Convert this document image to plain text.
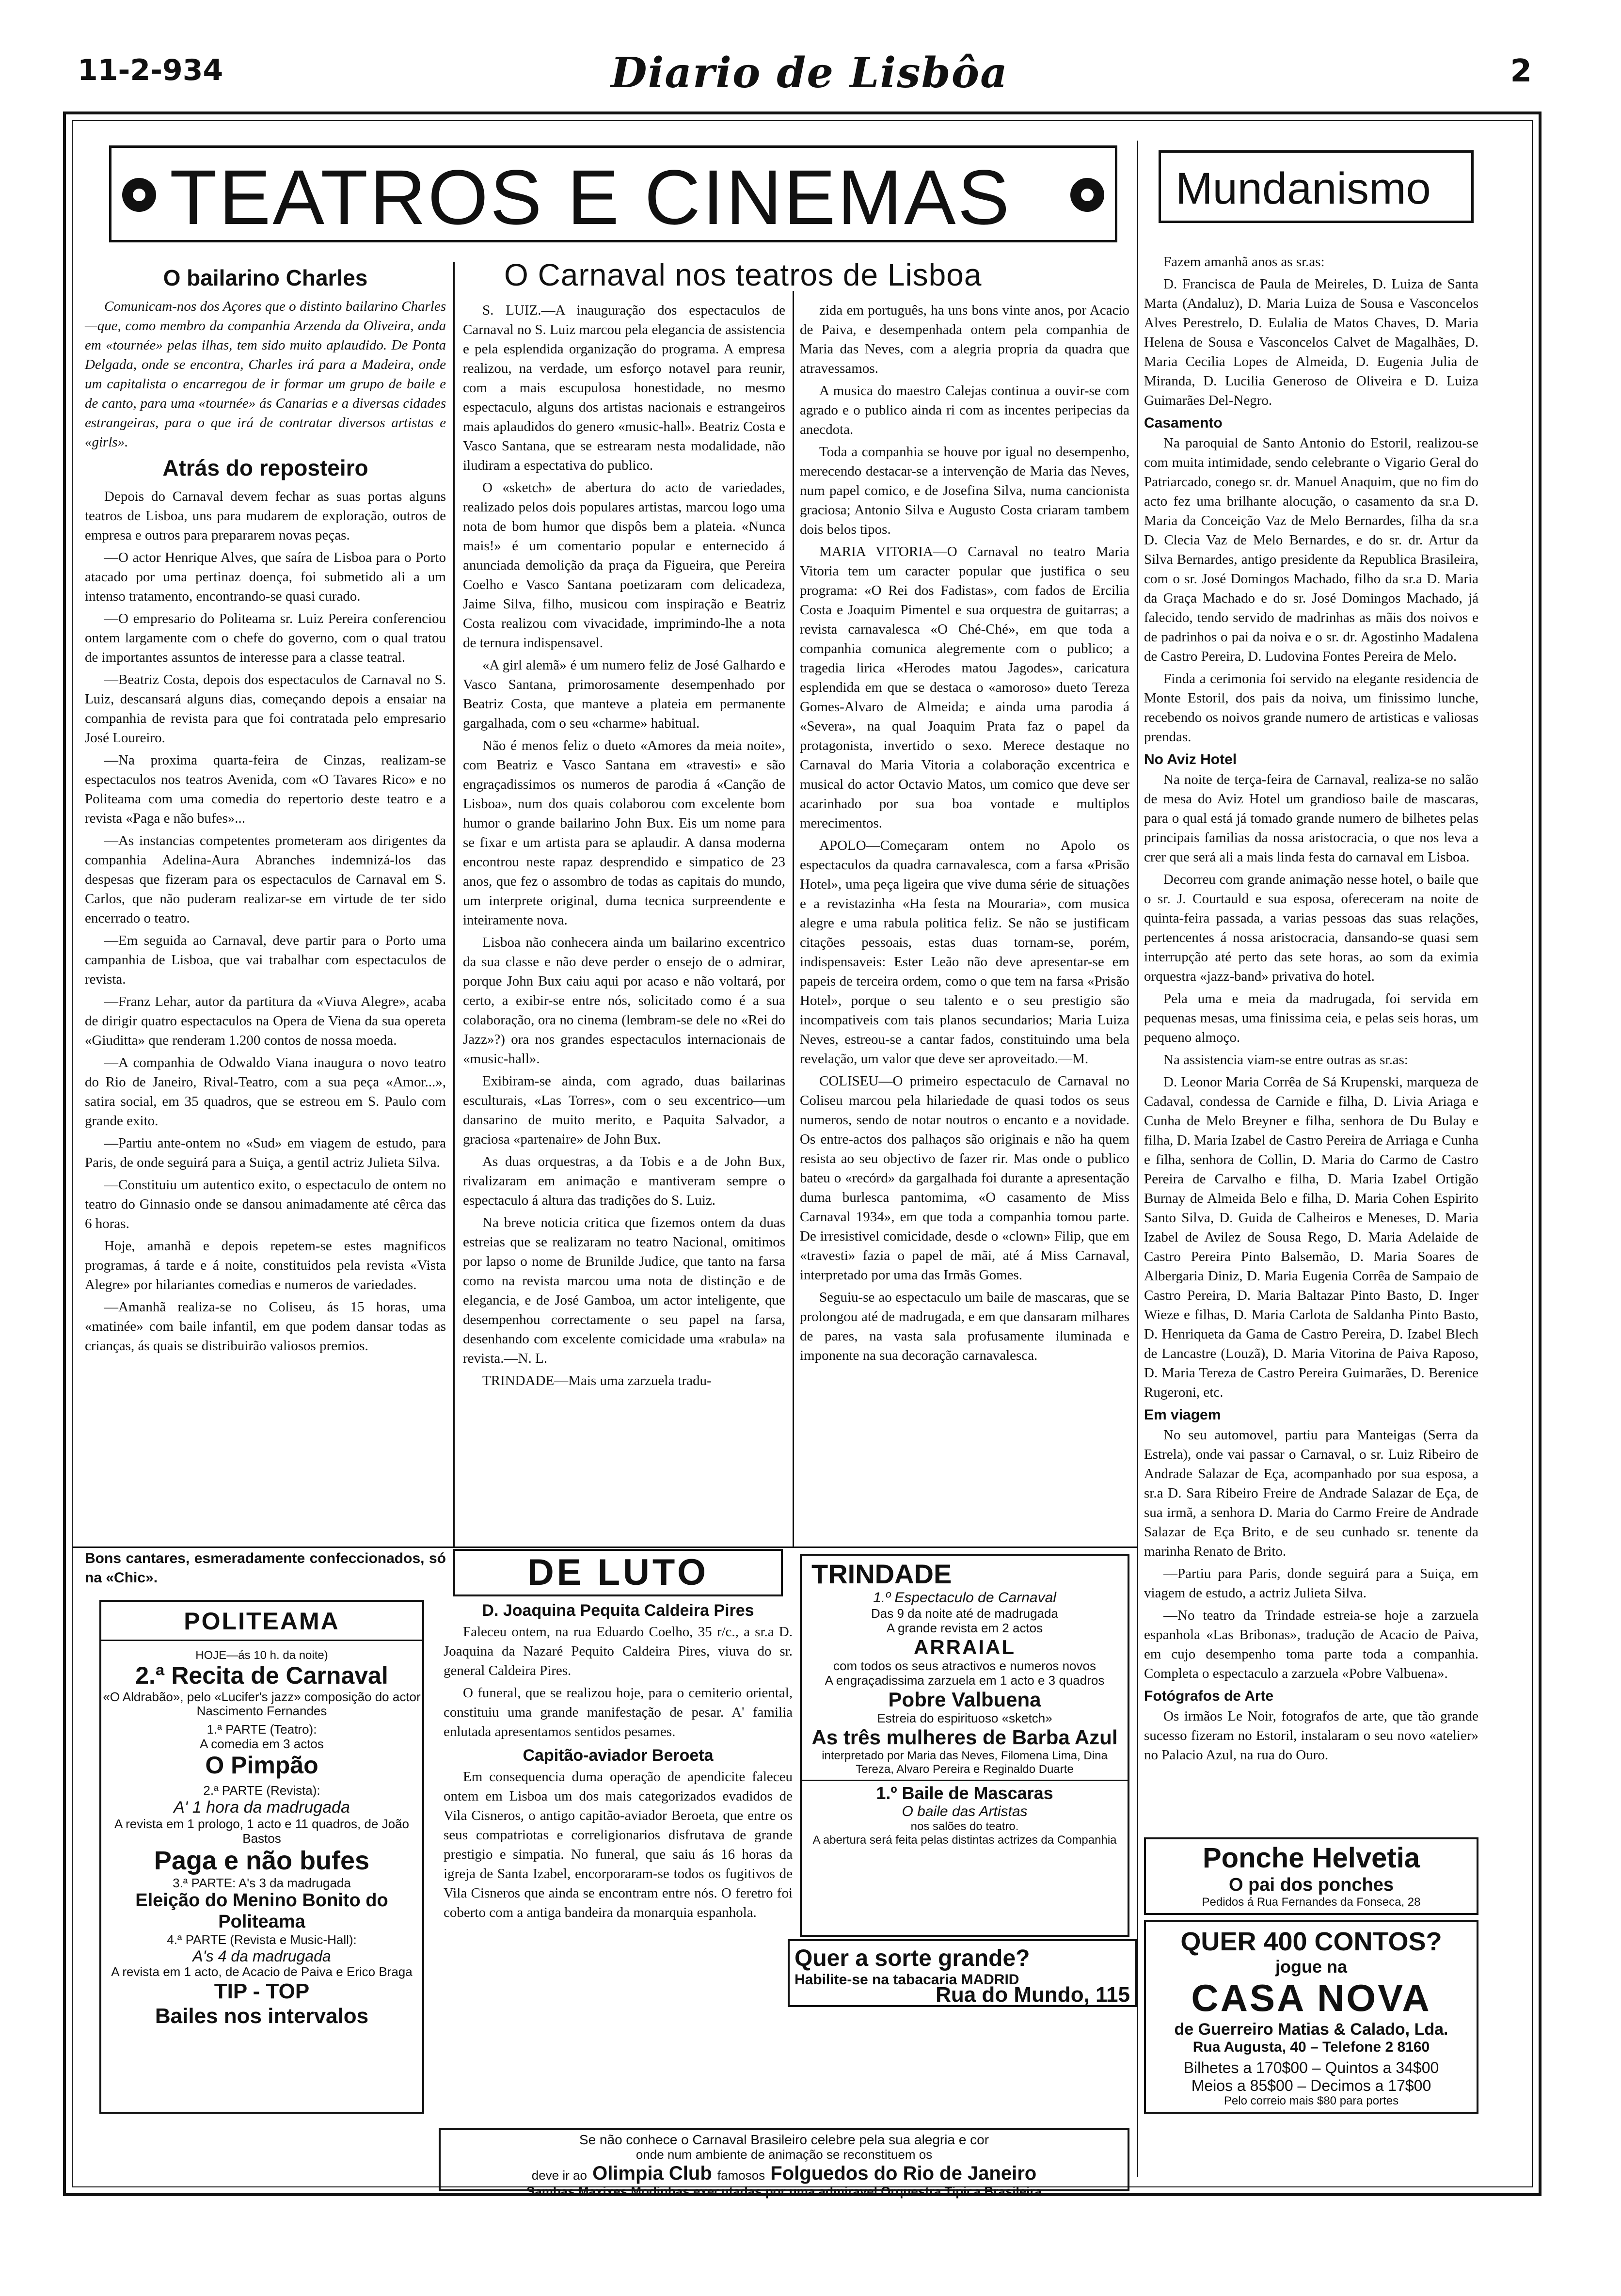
11-2-934	Diario de Lisbôa	2
TEATROS E CINEMAS	Mundanismo
O bailarino Charles

Comunicam-nos dos Açores que o distinto bailarino Charles—que, como membro da companhia Arzenda da Oliveira, anda em «tournée» pelas ilhas, tem sido muito aplaudido. De Ponta Delgada, onde se encontra, Charles irá para a Madeira, onde um capitalista o encarregou de ir formar um grupo de baile e de canto, para uma «tournée» ás Canarias e a diversas cidades estrangeiras, para o que irá de contratar diversos artistas e «girls».

Atrás do reposteiro

Depois do Carnaval devem fechar as suas portas alguns teatros de Lisboa, uns para mudarem de exploração, outros de empresa e outros para prepararem novas peças.

—O actor Henrique Alves, que saíra de Lisboa para o Porto atacado por uma pertinaz doença, foi submetido ali a um intenso tratamento, encontrando-se quasi curado.

—O empresario do Politeama sr. Luiz Pereira conferenciou ontem largamente com o chefe do governo, com o qual tratou de importantes assuntos de interesse para a classe teatral.

—Beatriz Costa, depois dos espectaculos de Carnaval no S. Luiz, descansará alguns dias, começando depois a ensaiar na companhia de revista para que foi contratada pelo empresario José Loureiro.

—Na proxima quarta-feira de Cinzas, realizam-se espectaculos nos teatros Avenida, com «O Tavares Rico» e no Politeama com uma comedia do repertorio deste teatro e a revista «Paga e não bufes»...

—As instancias competentes prometeram aos dirigentes da companhia Adelina-Aura Abranches indemnizá-los das despesas que fizeram para os espectaculos de Carnaval em S. Carlos, que não puderam realizar-se em virtude de ter sido encerrado o teatro.

—Em seguida ao Carnaval, deve partir para o Porto uma campanhia de Lisboa, que vai trabalhar com espectaculos de revista.

—Franz Lehar, autor da partitura da «Viuva Alegre», acaba de dirigir quatro espectaculos na Opera de Viena da sua opereta «Giuditta» que renderam 1.200 contos de nossa moeda.

—A companhia de Odwaldo Viana inaugura o novo teatro do Rio de Janeiro, Rival-Teatro, com a sua peça «Amor...», satira social, em 35 quadros, que se estreou em S. Paulo com grande exito.

—Partiu ante-ontem no «Sud» em viagem de estudo, para Paris, de onde seguirá para a Suiça, a gentil actriz Julieta Silva.

—Constituiu um autentico exito, o espectaculo de ontem no teatro do Ginnasio onde se dansou animadamente até cêrca das 6 horas.

Hoje, amanhã e depois repetem-se estes magnificos programas, á tarde e á noite, constituidos pela revista «Vista Alegre» por hilariantes comedias e numeros de variedades.

—Amanhã realiza-se no Coliseu, ás 15 horas, uma «matinée» com baile infantil, em que podem dansar todas as crianças, ás quais se distribuirão valiosos premios.

Bons cantares, esmeradamente confeccionados, só na «Chic».
O Carnaval nos teatros de Lisboa

S. LUIZ.—A inauguração dos espectaculos de Carnaval no S. Luiz marcou pela elegancia de assistencia e pela esplendida organização do programa. A empresa realizou, na verdade, um esforço notavel para reunir, com a mais escupulosa honestidade, no mesmo espectaculo, alguns dos artistas nacionais e estrangeiros mais aplaudidos do genero «music-hall». Beatriz Costa e Vasco Santana, que se estrearam nesta modalidade, não iludiram a espectativa do publico.

O «sketch» de abertura do acto de variedades, realizado pelos dois populares artistas, marcou logo uma nota de bom humor que dispôs bem a plateia. «Nunca mais!» é um comentario popular e enternecido á anunciada demolição da praça da Figueira, que Pereira Coelho e Vasco Santana poetizaram com delicadeza, Jaime Silva, filho, musicou com inspiração e Beatriz Costa realizou com vivacidade, imprimindo-lhe a nota de ternura indispensavel.

«A girl alemã» é um numero feliz de José Galhardo e Vasco Santana, primorosamente desempenhado por Beatriz Costa, que manteve a plateia em permanente gargalhada, com o seu «charme» habitual.

Não é menos feliz o dueto «Amores da meia noite», com Beatriz e Vasco Santana em «travesti» e são engraçadissimos os numeros de parodia á «Canção de Lisboa», num dos quais colaborou com excelente bom humor o grande bailarino John Bux. Eis um nome para se fixar e um artista para se aplaudir. A dansa moderna encontrou neste rapaz desprendido e simpatico de 23 anos, que fez o assombro de todas as capitais do mundo, um interprete original, duma tecnica surpreendente e inteiramente nova.

Lisboa não conhecera ainda um bailarino excentrico da sua classe e não deve perder o ensejo de o admirar, porque John Bux caiu aqui por acaso e não voltará, por certo, a exibir-se entre nós, solicitado como é a sua colaboração, ora no cinema (lembram-se dele no «Rei do Jazz»?) ora nos grandes espectaculos internacionais de «music-hall».

Exibiram-se ainda, com agrado, duas bailarinas esculturais, «Las Torres», com o seu excentrico—um dansarino de muito merito, e Paquita Salvador, a graciosa «partenaire» de John Bux.

As duas orquestras, a da Tobis e a de John Bux, rivalizaram em animação e mantiveram sempre o espectaculo á altura das tradições do S. Luiz.

Na breve noticia critica que fizemos ontem da duas estreias que se realizaram no teatro Nacional, omitimos por lapso o nome de Brunilde Judice, que tanto na farsa como na revista marcou uma nota de distinção e de elegancia, e de José Gamboa, um actor inteligente, que desempenhou correctamente o seu papel na farsa, desenhando com excelente comicidade uma «rabula» na revista.—N. L.

TRINDADE—Mais uma zarzuela tradu-

zida em português, ha uns bons vinte anos, por Acacio de Paiva, e desempenhada ontem pela companhia de Maria das Neves, com a alegria propria da quadra que atravessamos.

A musica do maestro Calejas continua a ouvir-se com agrado e o publico ainda ri com as incentes peripecias da anecdota.

Toda a companhia se houve por igual no desempenho, merecendo destacar-se a intervenção de Maria das Neves, num papel comico, e de Josefina Silva, numa cancionista graciosa; Antonio Silva e Augusto Costa criaram tambem dois belos tipos.

MARIA VITORIA—O Carnaval no teatro Maria Vitoria tem um caracter popular que justifica o seu programa: «O Rei dos Fadistas», com fados de Ercilia Costa e Joaquim Pimentel e sua orquestra de guitarras; a revista carnavalesca «O Ché-Ché», em que toda a companhia comunica alegremente com o publico; a tragedia lirica «Herodes matou Jagodes», caricatura esplendida em que se destaca o «amoroso» dueto Tereza Gomes-Alvaro de Almeida; e ainda uma parodia á «Severa», na qual Joaquim Prata faz o papel da protagonista, invertido o sexo. Merece destaque no Carnaval do Maria Vitoria a colaboração excentrica e musical do actor Octavio Matos, um comico que deve ser acarinhado por sua boa vontade e multiplos merecimentos.

APOLO—Começaram ontem no Apolo os espectaculos da quadra carnavalesca, com a farsa «Prisão Hotel», uma peça ligeira que vive duma série de situações e a revistazinha «Ha festa na Mouraria», com musica alegre e uma rabula politica feliz. Se não se justificam citações pessoais, estas duas tornam-se, porém, indispensaveis: Ester Leão não deve apresentar-se em papeis de terceira ordem, como o que tem na farsa «Prisão Hotel», porque o seu talento e o seu prestigio são incompativeis com tais planos secundarios; Maria Luiza Neves, estreou-se a cantar fados, constituindo uma bela revelação, um valor que deve ser aproveitado.—M.

COLISEU—O primeiro espectaculo de Carnaval no Coliseu marcou pela hilariedade de quasi todos os seus numeros, sendo de notar noutros o encanto e a novidade. Os entre-actos dos palhaços são originais e não ha quem resista ao seu objectivo de fazer rir. Mas onde o publico bateu o «recórd» da gargalhada foi durante a apresentação duma burlesca pantomima, «O casamento de Miss Carnaval 1934», em que toda a companhia tomou parte. De irresistivel comicidade, desde o «clown» Filip, que em «travesti» fazia o papel de mãi, até á Miss Carnaval, interpretado por uma das Irmãs Gomes.

Seguiu-se ao espectaculo um baile de mascaras, que se prolongou até de madrugada, e em que dansaram milhares de pares, na vasta sala profusamente iluminada e imponente na sua decoração carnavalesca.

Fazem amanhã anos as sr.as:

D. Francisca de Paula de Meireles, D. Luiza de Santa Marta (Andaluz), D. Maria Luiza de Sousa e Vasconcelos Alves Perestrelo, D. Eulalia de Matos Chaves, D. Maria Helena de Sousa e Vasconcelos Calvet de Magalhães, D. Maria Cecilia Lopes de Almeida, D. Eugenia Julia de Miranda, D. Lucilia Generoso de Oliveira e D. Luiza Guimarães Del-Negro.

Casamento

Na paroquial de Santo Antonio do Estoril, realizou-se com muita intimidade, sendo celebrante o Vigario Geral do Patriarcado, conego sr. dr. Manuel Anaquim, que no fim do acto fez uma brilhante alocução, o casamento da sr.a D. Maria da Conceição Vaz de Melo Bernardes, filha da sr.a D. Clecia Vaz de Melo Bernardes, e do sr. dr. Artur da Silva Bernardes, antigo presidente da Republica Brasileira, com o sr. José Domingos Machado, filho da sr.a D. Maria da Graça Machado e do sr. José Domingos Machado, já falecido, tendo servido de madrinhas as mãis dos noivos e de padrinhos o pai da noiva e o sr. dr. Agostinho Madalena de Castro Pereira, D. Ludovina Fontes Pereira de Melo.

Finda a cerimonia foi servido na elegante residencia de Monte Estoril, dos pais da noiva, um finissimo lunche, recebendo os noivos grande numero de artisticas e valiosas prendas.

No Aviz Hotel

Na noite de terça-feira de Carnaval, realiza-se no salão de mesa do Aviz Hotel um grandioso baile de mascaras, para o qual está já tomado grande numero de bilhetes pelas principais familias da nossa aristocracia, o que nos leva a crer que será ali a mais linda festa do carnaval em Lisboa.

Decorreu com grande animação nesse hotel, o baile que o sr. J. Courtauld e sua esposa, ofereceram na noite de quinta-feira passada, a varias pessoas das suas relações, pertencentes á nossa aristocracia, dansando-se quasi sem interrupção até perto das sete horas, ao som da eximia orquestra «jazz-band» privativa do hotel.

Pela uma e meia da madrugada, foi servida em pequenas mesas, uma finissima ceia, e pelas seis horas, um pequeno almoço.

Na assistencia viam-se entre outras as sr.as:

D. Leonor Maria Corrêa de Sá Krupenski, marqueza de Cadaval, condessa de Carnide e filha, D. Livia Ariaga e Cunha de Melo Breyner e filha, senhora de Du Bulay e filha, D. Maria Izabel de Castro Pereira de Arriaga e Cunha e filha, senhora de Collin, D. Maria do Carmo de Castro Pereira de Carvalho e filha, D. Maria Izabel Ortigão Burnay de Almeida Belo e filha, D. Maria Cohen Espirito Santo Silva, D. Guida de Calheiros e Meneses, D. Maria Izabel de Avilez de Sousa Rego, D. Maria Adelaide de Castro Pereira Pinto Balsemão, D. Maria Soares de Albergaria Diniz, D. Maria Eugenia Corrêa de Sampaio de Castro Pereira, D. Maria Baltazar Pinto Basto, D. Inger Wieze e filhas, D. Maria Carlota de Saldanha Pinto Basto, D. Henriqueta da Gama de Castro Pereira, D. Izabel Blech de Lancastre (Louzã), D. Maria Vitorina de Paiva Raposo, D. Maria Tereza de Castro Pereira Guimarães, D. Berenice Rugeroni, etc.

Em viagem

No seu automovel, partiu para Manteigas (Serra da Estrela), onde vai passar o Carnaval, o sr. Luiz Ribeiro de Andrade Salazar de Eça, acompanhado por sua esposa, a sr.a D. Sara Ribeiro Freire de Andrade Salazar de Eça, de sua irmã, a senhora D. Maria do Carmo Freire de Andrade Salazar de Eça Brito, e de seu cunhado sr. tenente da marinha Renato de Brito.

—Partiu para Paris, donde seguirá para a Suiça, em viagem de estudo, a actriz Julieta Silva.

—No teatro da Trindade estreia-se hoje a zarzuela espanhola «Las Bribonas», tradução de Acacio de Paiva, em cujo desempenho toma parte toda a companhia. Completa o espectaculo a zarzuela «Pobre Valbuena».

Fotógrafos de Arte

Os irmãos Le Noir, fotografos de arte, que tão grande sucesso fizeram no Estoril, instalaram o seu novo «atelier» no Palacio Azul, na rua do Ouro.

POLITEAMA
HOJE—ás 10 h. da noite)
2.ª Recita de Carnaval
«O Aldrabão», pelo «Lucifer's jazz» composição do actor Nascimento Fernandes
1.ª PARTE (Teatro):
A comedia em 3 actos
O Pimpão
2.ª PARTE (Revista):
A' 1 hora da madrugada
A revista em 1 prologo, 1 acto e 11 quadros, de João Bastos
Paga e não bufes
3.ª PARTE: A's 3 da madrugada
Eleição do Menino Bonito do Politeama
4.ª PARTE (Revista e Music-Hall):
A's 4 da madrugada
A revista em 1 acto, de Acacio de Paiva e Erico Braga
TIP - TOP
Bailes nos intervalos
DE LUTO
D. Joaquina Pequita Caldeira Pires

Faleceu ontem, na rua Eduardo Coelho, 35 r/c., a sr.a D. Joaquina da Nazaré Pequito Caldeira Pires, viuva do sr. general Caldeira Pires.

O funeral, que se realizou hoje, para o cemiterio oriental, constituiu uma grande manifestação de pesar. A' familia enlutada apresentamos sentidos pesames.

Capitão-aviador Beroeta

Em consequencia duma operação de apendicite faleceu ontem em Lisboa um dos mais categorizados evadidos de Vila Cisneros, o antigo capitão-aviador Beroeta, que entre os seus compatriotas e correligionarios disfrutava de grande prestigio e simpatia. No funeral, que saiu ás 16 horas da igreja de Santa Izabel, encorporaram-se todos os fugitivos de Vila Cisneros que ainda se encontram entre nós. O feretro foi coberto com a antiga bandeira da monarquia espanhola.

TRINDADE
1.º Espectaculo de Carnaval
Das 9 da noite até de madrugada
A grande revista em 2 actos
ARRAIAL
com todos os seus atractivos e numeros novos
A engraçadissima zarzuela em 1 acto e 3 quadros
Pobre Valbuena
Estreia do espirituoso «sketch»
As três mulheres de Barba Azul
interpretado por Maria das Neves, Filomena Lima, Dina Tereza, Alvaro Pereira e Reginaldo Duarte
1.º Baile de Mascaras
O baile das Artistas
nos salões do teatro.
A abertura será feita pelas distintas actrizes da Companhia
Quer a sorte grande?
Habilite-se na tabacaria MADRID
Rua do Mundo, 115
Se não conhece o Carnaval Brasileiro celebre pela sua alegria e cor
onde num ambiente de animação se reconstituem os
deve ir ao Olimpia Club famosos Folguedos do Rio de Janeiro
Sambas Maxixes Modinhas executadas por uma admiravel Orquestra Tipica Brasileira
Ponche Helvetia
O pai dos ponches
Pedidos á Rua Fernandes da Fonseca, 28
QUER 400 CONTOS?
jogue na
CASA NOVA
de Guerreiro Matias & Calado, Lda.
Rua Augusta, 40 – Telefone 2 8160
Bilhetes a 170$00 – Quintos a 34$00
Meios a 85$00 – Decimos a 17$00
Pelo correio mais $80 para portes
